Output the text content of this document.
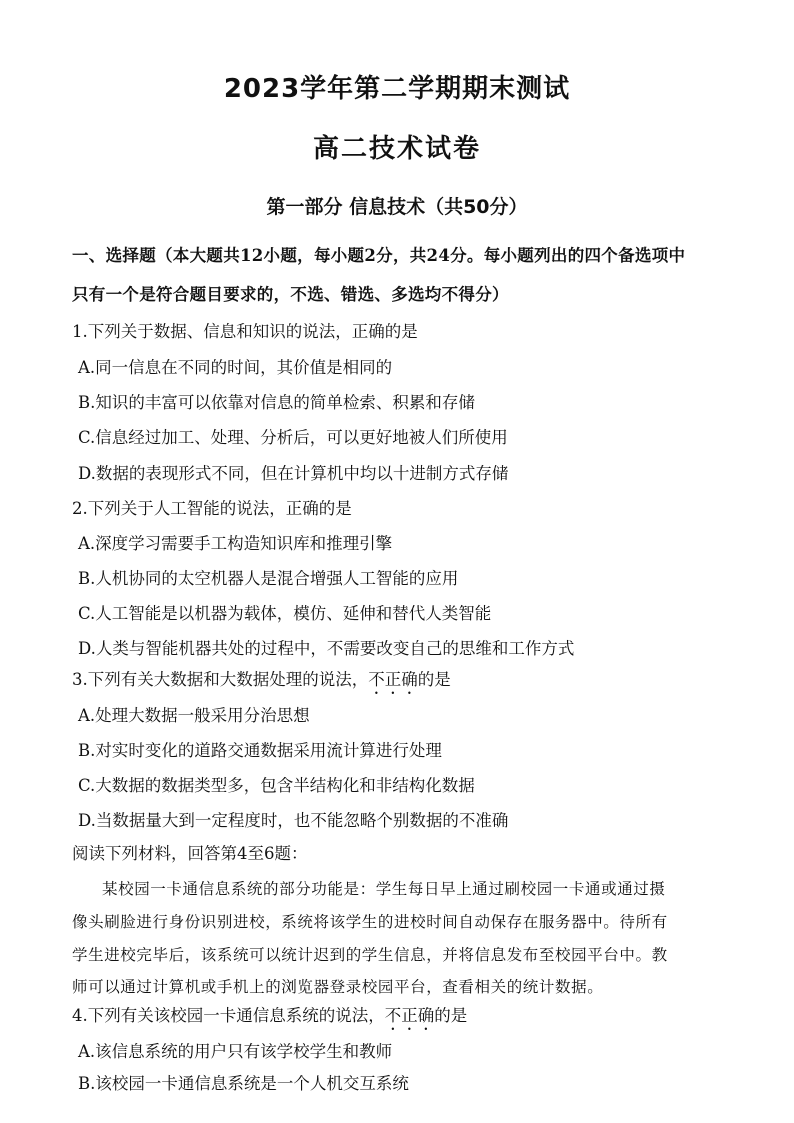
2023学年第二学期期末测试
高二技术试卷
第一部分 信息技术（共50分）
一、选择题（本大题共12小题，每小题2分，共24分。每小题列出的四个备选项中
只有一个是符合题目要求的，不选、错选、多选均不得分）
1.下列关于数据、信息和知识的说法，正确的是
A.同一信息在不同的时间，其价值是相同的
B.知识的丰富可以依靠对信息的简单检索、积累和存储
C.信息经过加工、处理、分析后，可以更好地被人们所使用
D.数据的表现形式不同，但在计算机中均以十进制方式存储
2.下列关于人工智能的说法，正确的是
A.深度学习需要手工构造知识库和推理引擎
B.人机协同的太空机器人是混合增强人工智能的应用
C.人工智能是以机器为载体，模仿、延伸和替代人类智能
D.人类与智能机器共处的过程中，不需要改变自己的思维和工作方式
3.下列有关大数据和大数据处理的说法，不正确的是
A.处理大数据一般采用分治思想
B.对实时变化的道路交通数据采用流计算进行处理
C.大数据的数据类型多，包含半结构化和非结构化数据
D.当数据量大到一定程度时，也不能忽略个别数据的不准确
阅读下列材料，回答第4至6题：
某校园一卡通信息系统的部分功能是：学生每日早上通过刷校园一卡通或通过摄
像头刷脸进行身份识别进校，系统将该学生的进校时间自动保存在服务器中。待所有
学生进校完毕后，该系统可以统计迟到的学生信息，并将信息发布至校园平台中。教
师可以通过计算机或手机上的浏览器登录校园平台，查看相关的统计数据。
4.下列有关该校园一卡通信息系统的说法，不正确的是
A.该信息系统的用户只有该学校学生和教师
B.该校园一卡通信息系统是一个人机交互系统
